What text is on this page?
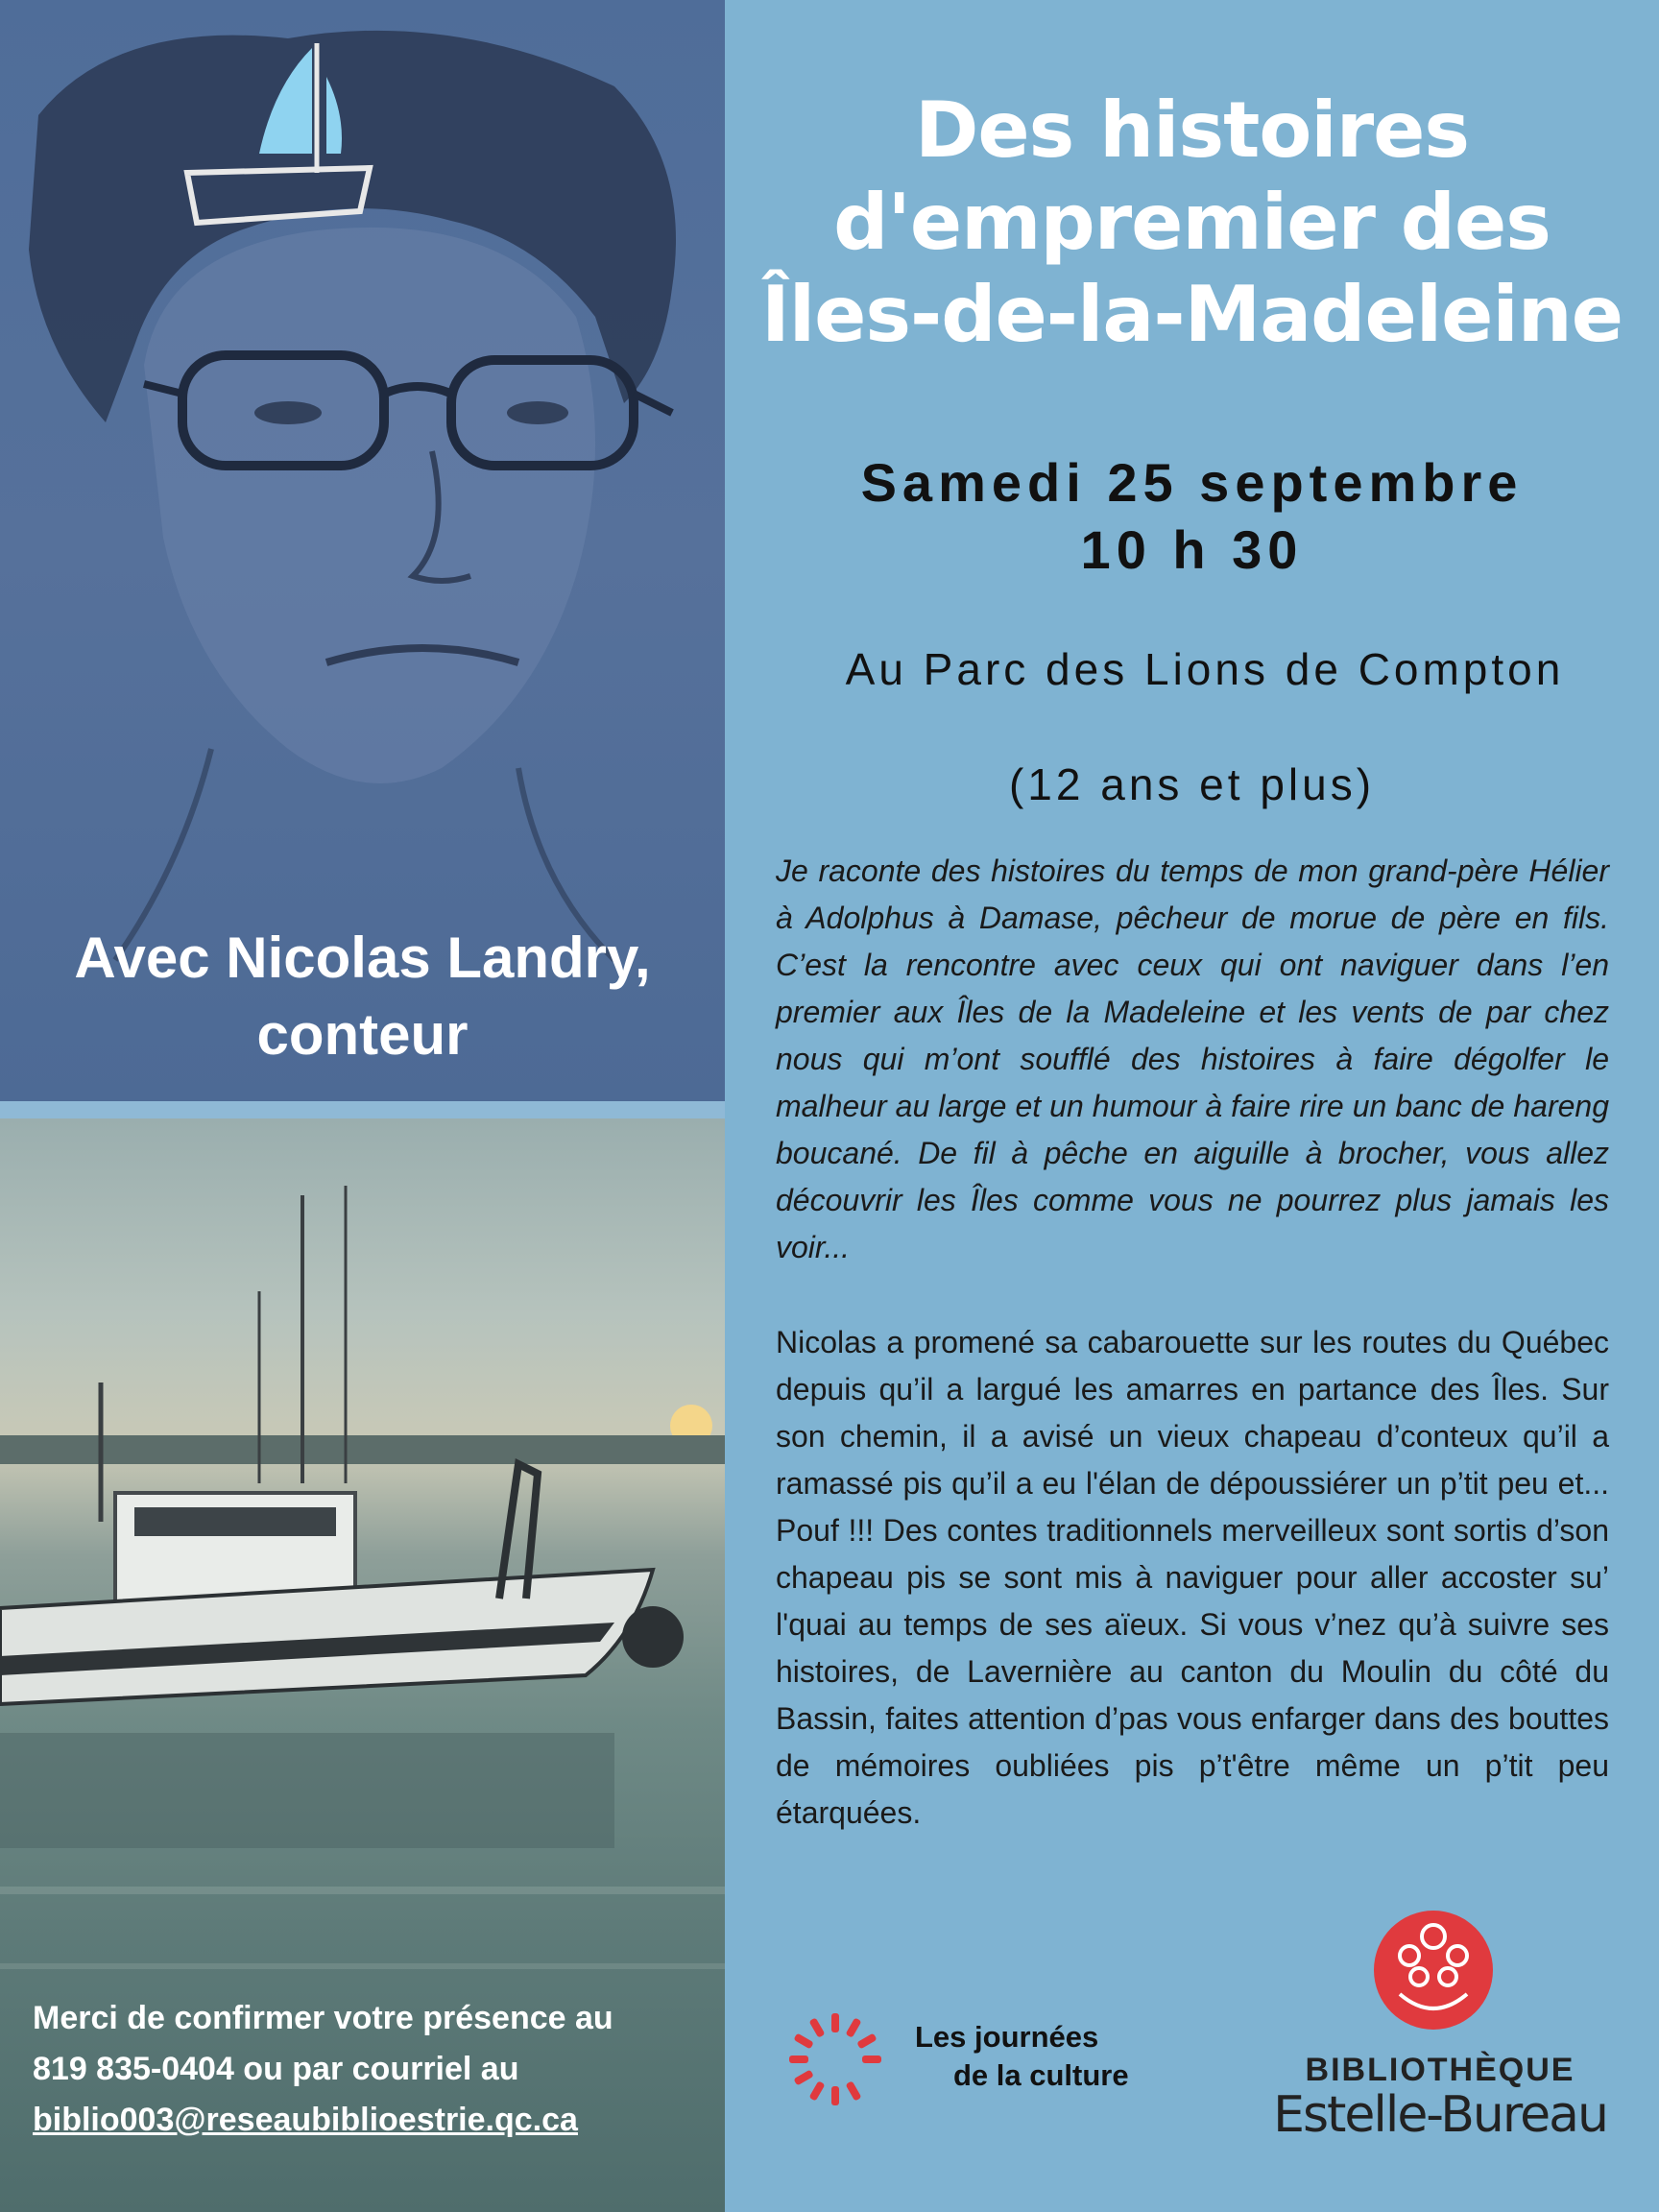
Avec Nicolas Landry,
conteur
Merci de confirmer votre présence au
819 835-0404 ou par courriel au
biblio003@reseaubiblioestrie.qc.ca
Des histoires
d'empremier des
Îles-de-la-Madeleine
Samedi 25 septembre
10 h 30
Au Parc des Lions de Compton
(12 ans et plus)
Je raconte des histoires du temps de mon grand-père Hélier à Adolphus à Damase, pêcheur de morue de père en fils. C’est la rencontre avec ceux qui ont naviguer dans l’en premier aux Îles de la Madeleine et les vents de par chez nous qui m’ont soufflé des histoires à faire dégolfer le malheur au large et un humour à faire rire un banc de hareng boucané. De fil à pêche en aiguille à brocher, vous allez découvrir les Îles comme vous ne pourrez plus jamais les voir...
Nicolas a promené sa cabarouette sur les routes du Québec depuis qu’il a largué les amarres en partance des Îles. Sur son chemin, il a avisé un vieux chapeau d’conteux qu’il a ramassé pis qu’il a eu l'élan de dépoussiérer un p’tit peu et... Pouf !!! Des contes traditionnels merveilleux sont sortis d’son chapeau pis se sont mis à naviguer pour aller accoster su’ l'quai au temps de ses aïeux. Si vous v’nez qu’à suivre ses histoires, de Lavernière au canton du Moulin du côté du Bassin, faites attention d’pas vous enfarger dans des bouttes de mémoires oubliées pis p’t'être même un p’tit peu étarquées.
Les journées
de la culture	BIBLIOTHÈQUE
Estelle-Bureau
